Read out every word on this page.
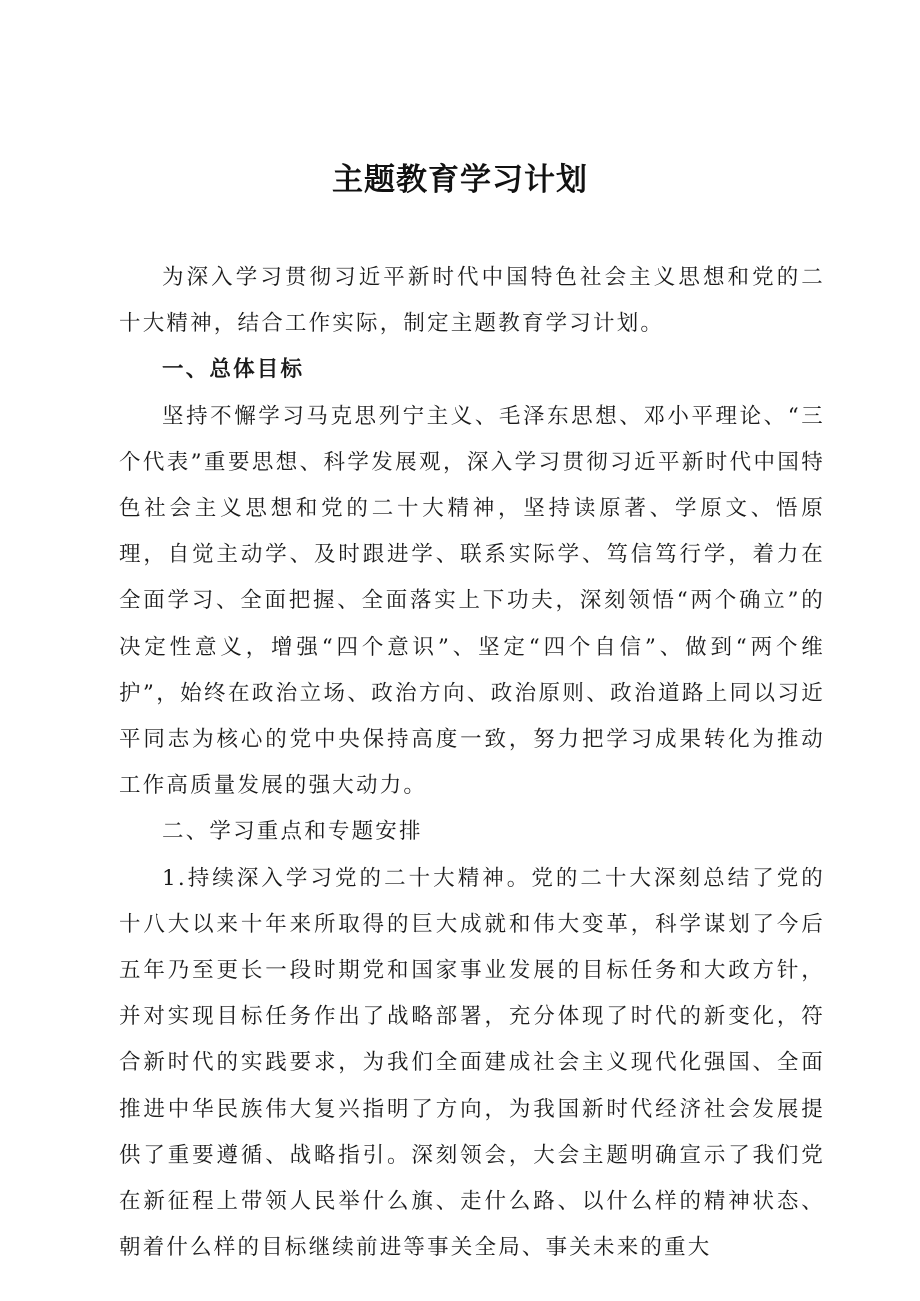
主题教育学习计划

为深入学习贯彻习近平新时代中国特色社会主义思想和党的二十大精神，结合工作实际，制定主题教育学习计划。

一、总体目标

坚持不懈学习马克思列宁主义、毛泽东思想、邓小平理论、“三个代表”重要思想、科学发展观，深入学习贯彻习近平新时代中国特色社会主义思想和党的二十大精神，坚持读原著、学原文、悟原理，自觉主动学、及时跟进学、联系实际学、笃信笃行学，着力在全面学习、全面把握、全面落实上下功夫，深刻领悟“两个确立”的决定性意义，增强“四个意识”、坚定“四个自信”、做到“两个维护”，始终在政治立场、政治方向、政治原则、政治道路上同以习近平同志为核心的党中央保持高度一致，努力把学习成果转化为推动工作高质量发展的强大动力。

二、学习重点和专题安排

1.持续深入学习党的二十大精神。党的二十大深刻总结了党的十八大以来十年来所取得的巨大成就和伟大变革，科学谋划了今后五年乃至更长一段时期党和国家事业发展的目标任务和大政方针，并对实现目标任务作出了战略部署，充分体现了时代的新变化，符合新时代的实践要求，为我们全面建成社会主义现代化强国、全面推进中华民族伟大复兴指明了方向，为我国新时代经济社会发展提供了重要遵循、战略指引。深刻领会，大会主题明确宣示了我们党在新征程上带领人民举什么旗、走什么路、以什么样的精神状态、朝着什么样的目标继续前进等事关全局、事关未来的重大
